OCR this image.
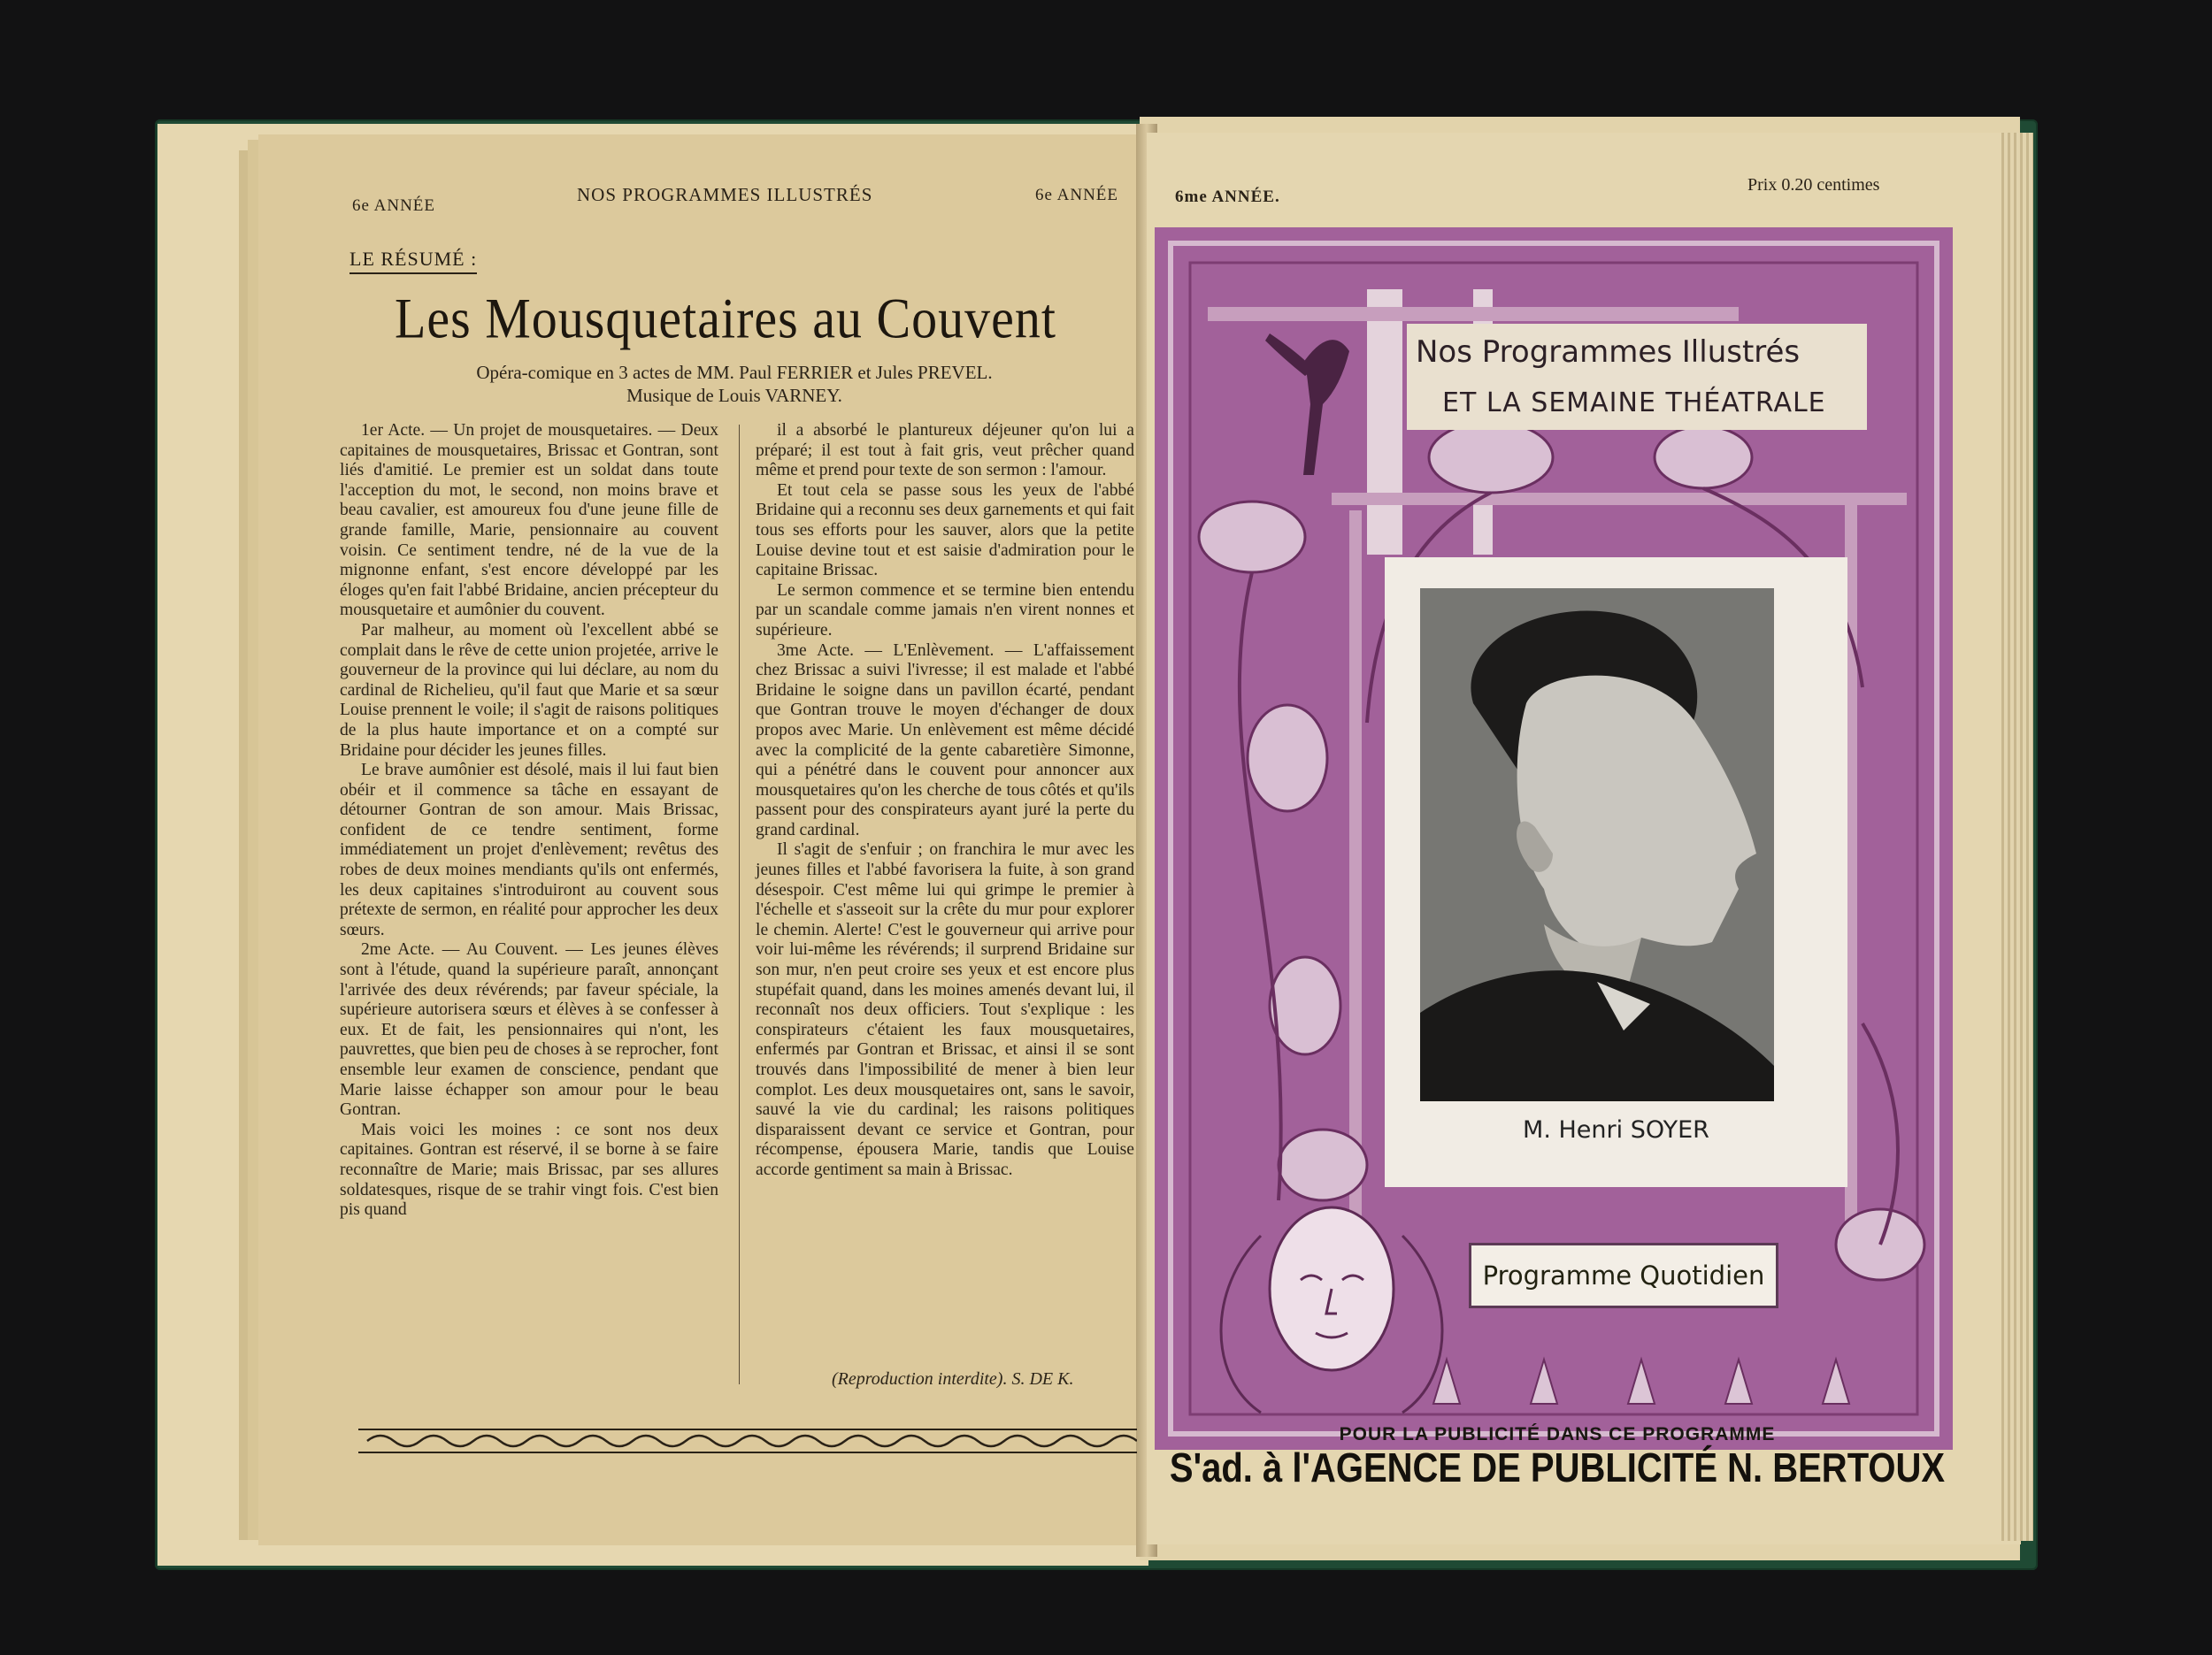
6e ANNÉE
NOS PROGRAMMES ILLUSTRÉS	6e ANNÉE
LE RÉSUMÉ :
Les Mousquetaires au Couvent
Opéra-comique en 3 actes de MM. Paul FERRIER et Jules PREVEL.
Musique de Louis VARNEY.

1er Acte. — Un projet de mousquetaires. — Deux capitaines de mousquetaires, Brissac et Gontran, sont liés d'amitié. Le premier est un soldat dans toute l'acception du mot, le second, non moins brave et beau cavalier, est amoureux fou d'une jeune fille de grande famille, Marie, pensionnaire au couvent voisin. Ce sentiment tendre, né de la vue de la mignonne enfant, s'est encore développé par les éloges qu'en fait l'abbé Bridaine, ancien précepteur du mousquetaire et aumônier du couvent.

Par malheur, au moment où l'excellent abbé se complait dans le rêve de cette union projetée, arrive le gouverneur de la province qui lui déclare, au nom du cardinal de Richelieu, qu'il faut que Marie et sa sœur Louise prennent le voile; il s'agit de raisons politiques de la plus haute importance et on a compté sur Bridaine pour décider les jeunes filles.

Le brave aumônier est désolé, mais il lui faut bien obéir et il commence sa tâche en essayant de détourner Gontran de son amour. Mais Brissac, confident de ce tendre sentiment, forme immédiatement un projet d'enlèvement; revêtus des robes de deux moines mendiants qu'ils ont enfermés, les deux capitaines s'introduiront au couvent sous prétexte de sermon, en réalité pour approcher les deux sœurs.

2me Acte. — Au Couvent. — Les jeunes élèves sont à l'étude, quand la supérieure paraît, annonçant l'arrivée des deux révérends; par faveur spéciale, la supérieure autorisera sœurs et élèves à se confesser à eux. Et de fait, les pensionnaires qui n'ont, les pauvrettes, que bien peu de choses à se reprocher, font ensemble leur examen de conscience, pendant que Marie laisse échapper son amour pour le beau Gontran.

Mais voici les moines : ce sont nos deux capitaines. Gontran est réservé, il se borne à se faire reconnaître de Marie; mais Brissac, par ses allures soldatesques, risque de se trahir vingt fois. C'est bien pis quand

il a absorbé le plantureux déjeuner qu'on lui a préparé; il est tout à fait gris, veut prêcher quand même et prend pour texte de son sermon : l'amour.

Et tout cela se passe sous les yeux de l'abbé Bridaine qui a reconnu ses deux garnements et qui fait tous ses efforts pour les sauver, alors que la petite Louise devine tout et est saisie d'admiration pour le capitaine Brissac.

Le sermon commence et se termine bien entendu par un scandale comme jamais n'en virent nonnes et supérieure.

3me Acte. — L'Enlèvement. — L'affaissement chez Brissac a suivi l'ivresse; il est malade et l'abbé Bridaine le soigne dans un pavillon écarté, pendant que Gontran trouve le moyen d'échanger de doux propos avec Marie. Un enlèvement est même décidé avec la complicité de la gente cabaretière Simonne, qui a pénétré dans le couvent pour annoncer aux mousquetaires qu'on les cherche de tous côtés et qu'ils passent pour des conspirateurs ayant juré la perte du grand cardinal.

Il s'agit de s'enfuir ; on franchira le mur avec les jeunes filles et l'abbé favorisera la fuite, à son grand désespoir. C'est même lui qui grimpe le premier à l'échelle et s'asseoit sur la crête du mur pour explorer le chemin. Alerte! C'est le gouverneur qui arrive pour voir lui-même les révérends; il surprend Bridaine sur son mur, n'en peut croire ses yeux et est encore plus stupéfait quand, dans les moines amenés devant lui, il reconnaît nos deux officiers. Tout s'explique : les conspirateurs c'étaient les faux mousquetaires, enfermés par Gontran et Brissac, et ainsi il se sont trouvés dans l'impossibilité de mener à bien leur complot. Les deux mousquetaires ont, sans le savoir, sauvé la vie du cardinal; les raisons politiques disparaissent devant ce service et Gontran, pour récompense, épousera Marie, tandis que Louise accorde gentiment sa main à Brissac.

(Reproduction interdite). S. DE K.
6me ANNÉE.
Prix 0.20 centimes
Nos Programmes Illustrés
ET LA SEMAINE THÉATRALE
M. Henri SOYER
Programme Quotidien
POUR LA PUBLICITÉ DANS CE PROGRAMME
S'ad. à l'AGENCE DE PUBLICITÉ N. BERTOUX
